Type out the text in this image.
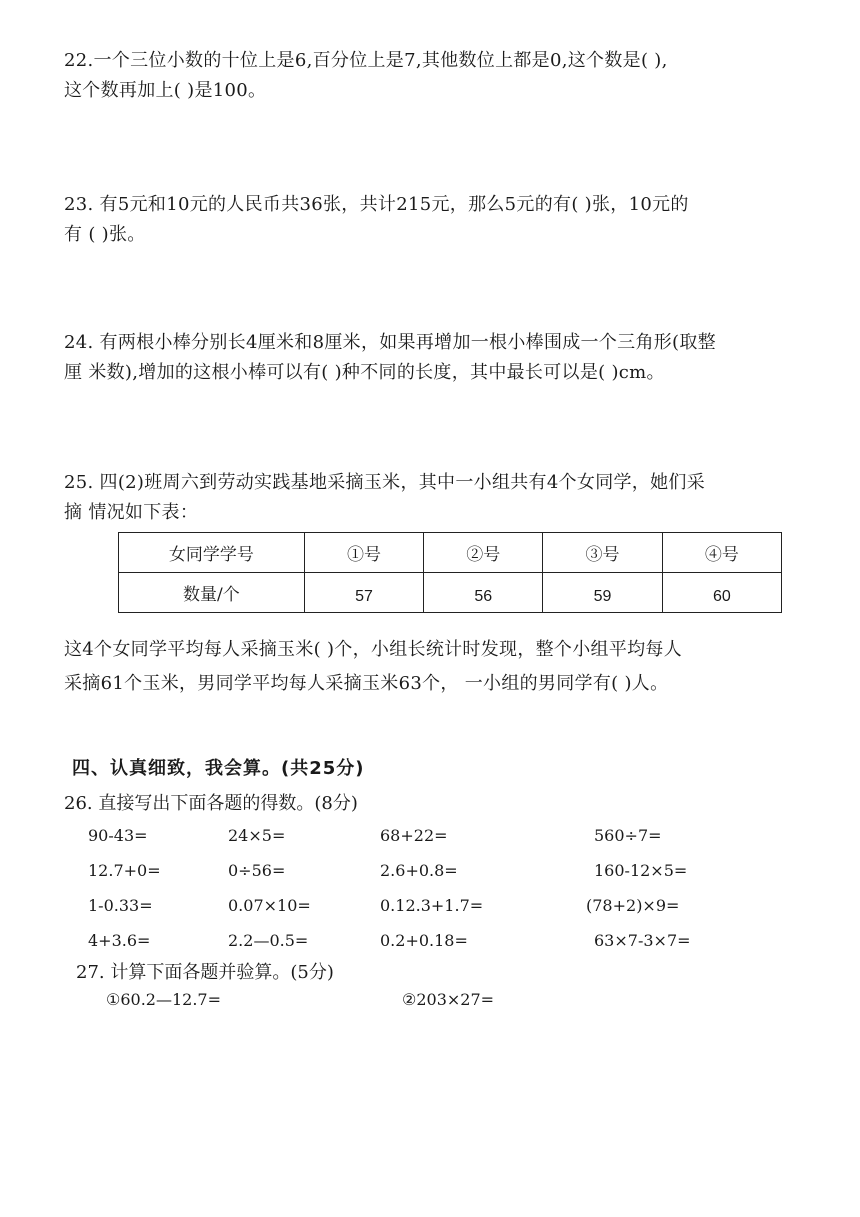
22.一个三位小数的十位上是6,百分位上是7,其他数位上都是0,这个数是( ),

这个数再加上( )是100。

23. 有5元和10元的人民币共36张，共计215元，那么5元的有( )张，10元的

有 ( )张。

24. 有两根小棒分别长4厘米和8厘米，如果再增加一根小棒围成一个三角形(取整

厘 米数),增加的这根小棒可以有( )种不同的长度，其中最长可以是( )cm。

25. 四(2)班周六到劳动实践基地采摘玉米，其中一小组共有4个女同学，她们采

摘 情况如下表：

女同学学号	①号	②号	③号	④号
数量/个	57	56	59	60

这4个女同学平均每人采摘玉米( )个，小组长统计时发现，整个小组平均每人

采摘61个玉米，男同学平均每人采摘玉米63个， 一小组的男同学有( )人。

四、认真细致，我会算。(共25分)
26. 直接写出下面各题的得数。(8分)
90-43=	24×5=	68+22=	560÷7=
12.7+0=	0÷56=	2.6+0.8=	160-12×5=
1-0.33=	0.07×10=	0.12.3+1.7=	(78+2)×9=
4+3.6=	2.2—0.5=	0.2+0.18=	63×7-3×7=
27. 计算下面各题并验算。(5分)
①60.2—12.7=	②203×27=
